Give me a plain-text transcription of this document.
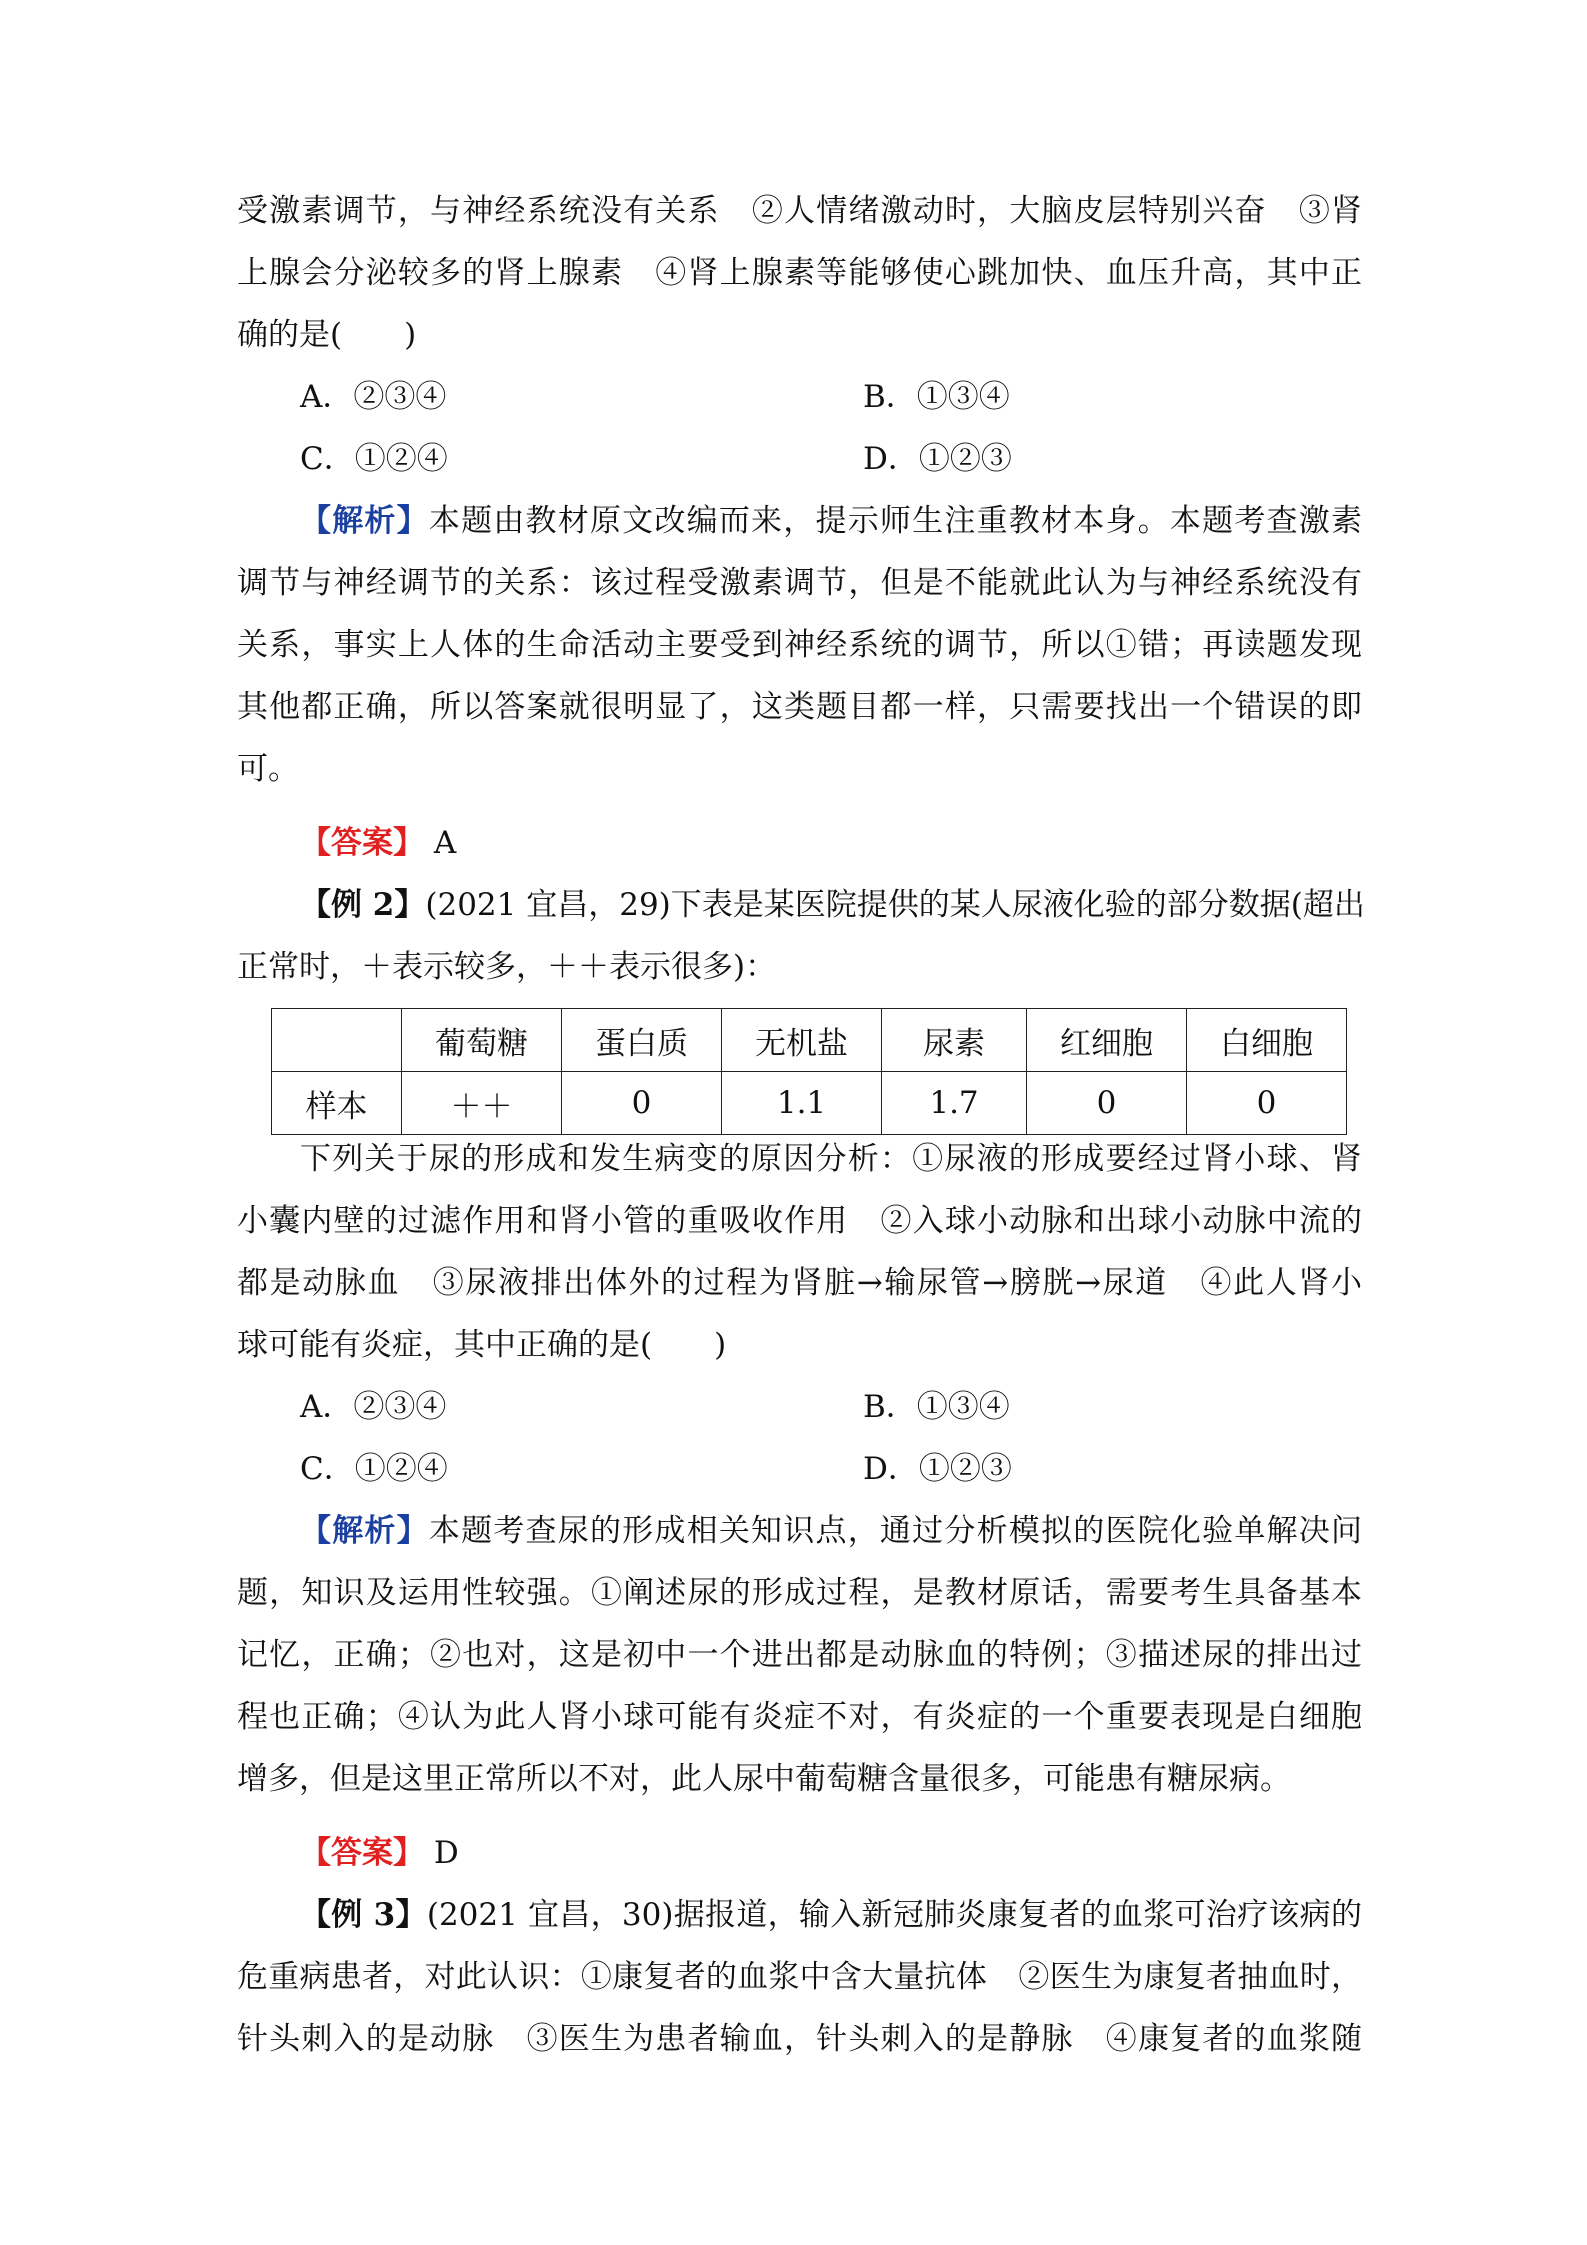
受激素调节，与神经系统没有关系　②人情绪激动时，大脑皮层特别兴奋　③肾
上腺会分泌较多的肾上腺素　④肾上腺素等能够使心跳加快、血压升高，其中正
确的是(　　)
A．②③④	B．①③④
C．①②④	D．①②③
【解析】本题由教材原文改编而来，提示师生注重教材本身。本题考查激素
调节与神经调节的关系：该过程受激素调节，但是不能就此认为与神经系统没有
关系，事实上人体的生命活动主要受到神经系统的调节，所以①错；再读题发现
其他都正确，所以答案就很明显了，这类题目都一样，只需要找出一个错误的即
可。
【答案】 A
【例 2】(2021 宜昌，29)下表是某医院提供的某人尿液化验的部分数据(超出
正常时，＋表示较多，＋＋表示很多)：
	葡萄糖	蛋白质	无机盐	尿素	红细胞	白细胞
样本	＋＋	0	1.1	1.7	0	0
下列关于尿的形成和发生病变的原因分析：①尿液的形成要经过肾小球、肾
小囊内壁的过滤作用和肾小管的重吸收作用　②入球小动脉和出球小动脉中流的
都是动脉血　③尿液排出体外的过程为肾脏→输尿管→膀胱→尿道　④此人肾小
球可能有炎症，其中正确的是(　　)
A．②③④	B．①③④
C．①②④	D．①②③
【解析】本题考查尿的形成相关知识点，通过分析模拟的医院化验单解决问
题，知识及运用性较强。①阐述尿的形成过程，是教材原话，需要考生具备基本
记忆，正确；②也对，这是初中一个进出都是动脉血的特例；③描述尿的排出过
程也正确；④认为此人肾小球可能有炎症不对，有炎症的一个重要表现是白细胞
增多，但是这里正常所以不对，此人尿中葡萄糖含量很多，可能患有糖尿病。
【答案】 D
【例 3】(2021 宜昌，30)据报道，输入新冠肺炎康复者的血浆可治疗该病的
危重病患者，对此认识：①康复者的血浆中含大量抗体　②医生为康复者抽血时，
针头刺入的是动脉　③医生为患者输血，针头刺入的是静脉　④康复者的血浆随
